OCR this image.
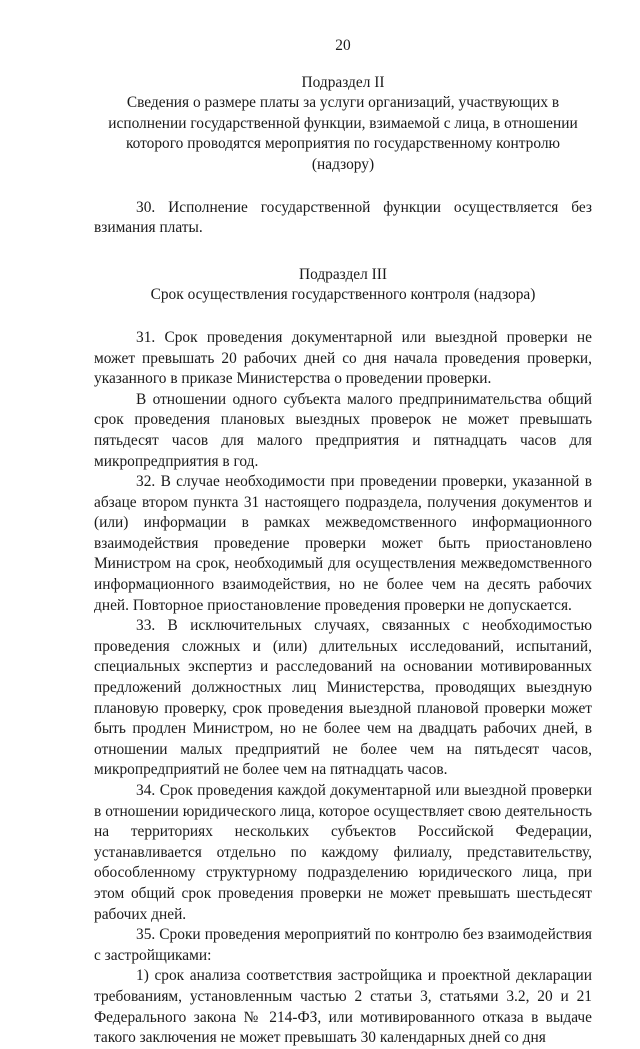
20
Подраздел II
Сведения о размере платы за услуги организаций, участвующих в
исполнении государственной функции, взимаемой с лица, в отношении
которого проводятся мероприятия по государственному контролю (надзору)

30. Исполнение государственной функции осуществляется без взимания платы.

Подраздел III
Срок осуществления государственного контроля (надзора)

31. Срок проведения документарной или выездной проверки не может превышать 20 рабочих дней со дня начала проведения проверки, указанного в приказе Министерства о проведении проверки.

В отношении одного субъекта малого предпринимательства общий срок проведения плановых выездных проверок не может превышать пятьдесят часов для малого предприятия и пятнадцать часов для микропредприятия в год.

32. В случае необходимости при проведении проверки, указанной в абзаце втором пункта 31 настоящего подраздела, получения документов и (или) информации в рамках межведомственного информационного взаимодействия проведение проверки может быть приостановлено Министром на срок, необходимый для осуществления межведомственного информационного взаимодействия, но не более чем на десять рабочих дней. Повторное приостановление проведения проверки не допускается.

33. В исключительных случаях, связанных с необходимостью проведения сложных и (или) длительных исследований, испытаний, специальных экспертиз и расследований на основании мотивированных предложений должностных лиц Министерства, проводящих выездную плановую проверку, срок проведения выездной плановой проверки может быть продлен Министром, но не более чем на двадцать рабочих дней, в отношении малых предприятий не более чем на пятьдесят часов, микропредприятий не более чем на пятнадцать часов.

34. Срок проведения каждой документарной или выездной проверки в отношении юридического лица, которое осуществляет свою деятельность на территориях нескольких субъектов Российской Федерации, устанавливается отдельно по каждому филиалу, представительству, обособленному структурному подразделению юридического лица, при этом общий срок проведения проверки не может превышать шестьдесят рабочих дней.

35. Сроки проведения мероприятий по контролю без взаимодействия с застройщиками:

1) срок анализа соответствия застройщика и проектной декларации требованиям, установленным частью 2 статьи 3, статьями 3.2, 20 и 21 Федерального закона № 214-ФЗ, или мотивированного отказа в выдаче такого заключения не может превышать 30 календарных дней со дня
